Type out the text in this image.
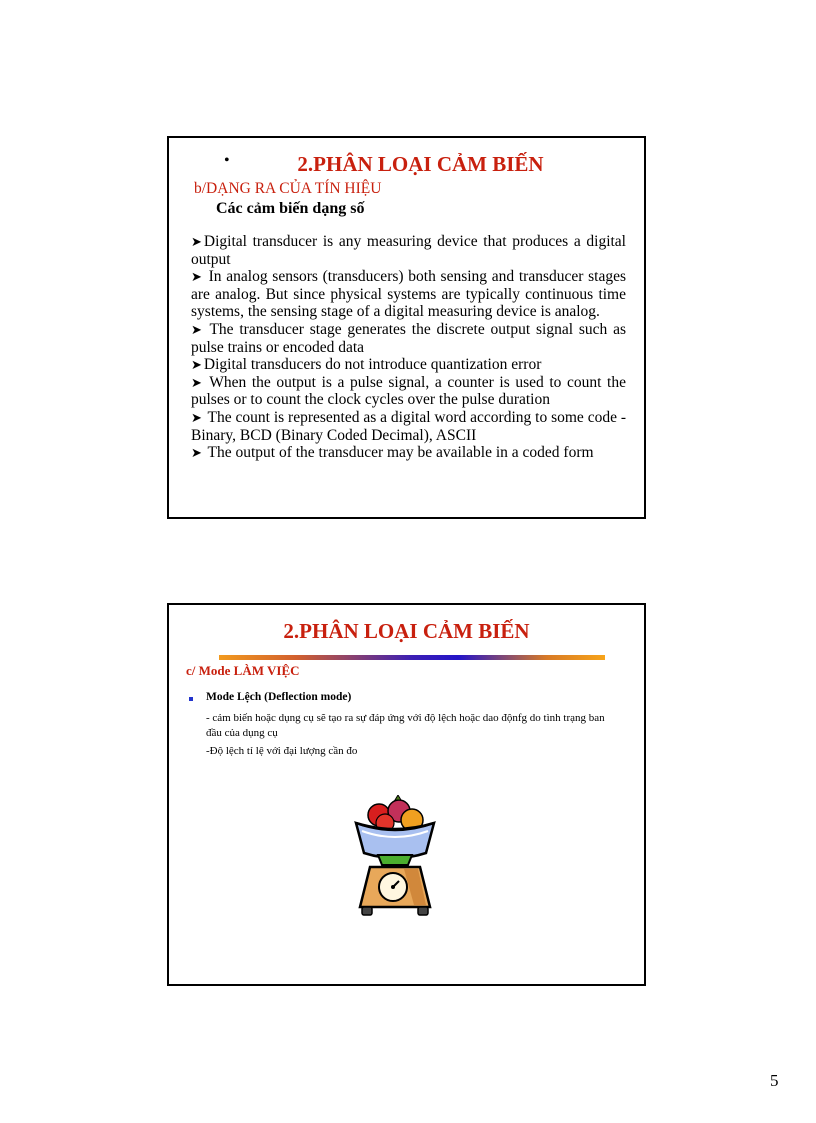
•	2.PHÂN LOẠI CẢM BIẾN
b/DẠNG RA CỦA TÍN HIỆU
Các cảm biến dạng số
➤ Digital transducer is any measuring device that produces a digital output
➤ In analog sensors (transducers) both sensing and transducer stages are analog. But since physical systems are typically continuous time systems, the sensing stage of a digital measuring device is analog.
➤ The transducer stage generates the discrete output signal such as pulse trains or encoded data
➤ Digital transducers do not introduce quantization error
➤ When the output is a pulse signal, a counter is used to count the pulses or to count the clock cycles over the pulse duration
➤ The count is represented as a digital word according to some code - Binary, BCD (Binary Coded Decimal), ASCII
➤ The output of the transducer may be available in a coded form
2.PHÂN LOẠI CẢM BIẾN
c/ Mode LÀM VIỆC
Mode Lệch (Deflection mode)
- cảm biến hoặc dụng cụ sẽ tạo ra sự đáp ứng với độ lệch hoặc dao độnfg do tình trạng ban đầu của dụng cụ
-Độ lệch tỉ lệ với đại lượng cần đo
5
